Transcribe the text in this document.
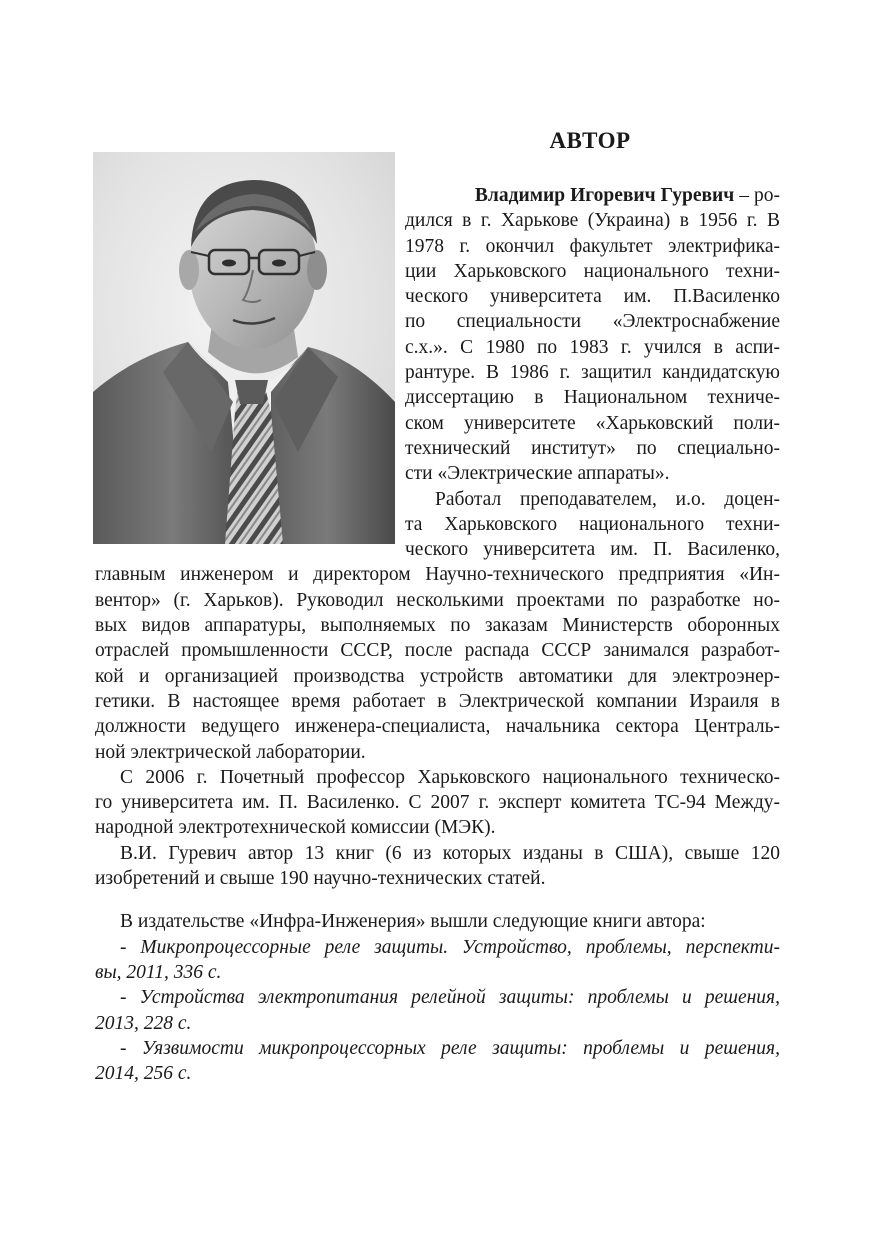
АВТОР
Владимир Игоревич Гуревич – ро-
дился в г. Харькове (Украина) в 1956 г. В
1978 г. окончил факультет электрифика-
ции Харьковского национального техни-
ческого университета им. П.Василенко
по специальности «Электроснабжение
с.х.». С 1980 по 1983 г. учился в аспи-
рантуре. В 1986 г. защитил кандидатскую
диссертацию в Национальном техниче-
ском университете «Харьковский поли-
технический институт» по специально-
сти «Электрические аппараты».
Работал преподавателем, и.о. доцен-
та Харьковского национального техни-
ческого университета им. П. Василенко,
главным инженером и директором Научно-технического предприятия «Ин-
вентор» (г. Харьков). Руководил несколькими проектами по разработке но-
вых видов аппаратуры, выполняемых по заказам Министерств оборонных
отраслей промышленности СССР, после распада СССР занимался разработ-
кой и организацией производства устройств автоматики для электроэнер-
гетики. В настоящее время работает в Электрической компании Израиля в
должности ведущего инженера-специалиста, начальника сектора Централь-
ной электрической лаборатории.
С 2006 г. Почетный профессор Харьковского национального техническо-
го университета им. П. Василенко. С 2007 г. эксперт комитета ТС-94 Между-
народной электротехнической комиссии (МЭК).
В.И. Гуревич автор 13 книг (6 из которых изданы в США), свыше 120
изобретений и свыше 190 научно-технических статей.
В издательстве «Инфра-Инженерия» вышли следующие книги автора:
- Микропроцессорные реле защиты. Устройство, проблемы, перспекти-
вы, 2011, 336 с.
- Устройства электропитания релейной защиты: проблемы и решения,
2013, 228 с.
- Уязвимости микропроцессорных реле защиты: проблемы и решения,
2014, 256 с.
